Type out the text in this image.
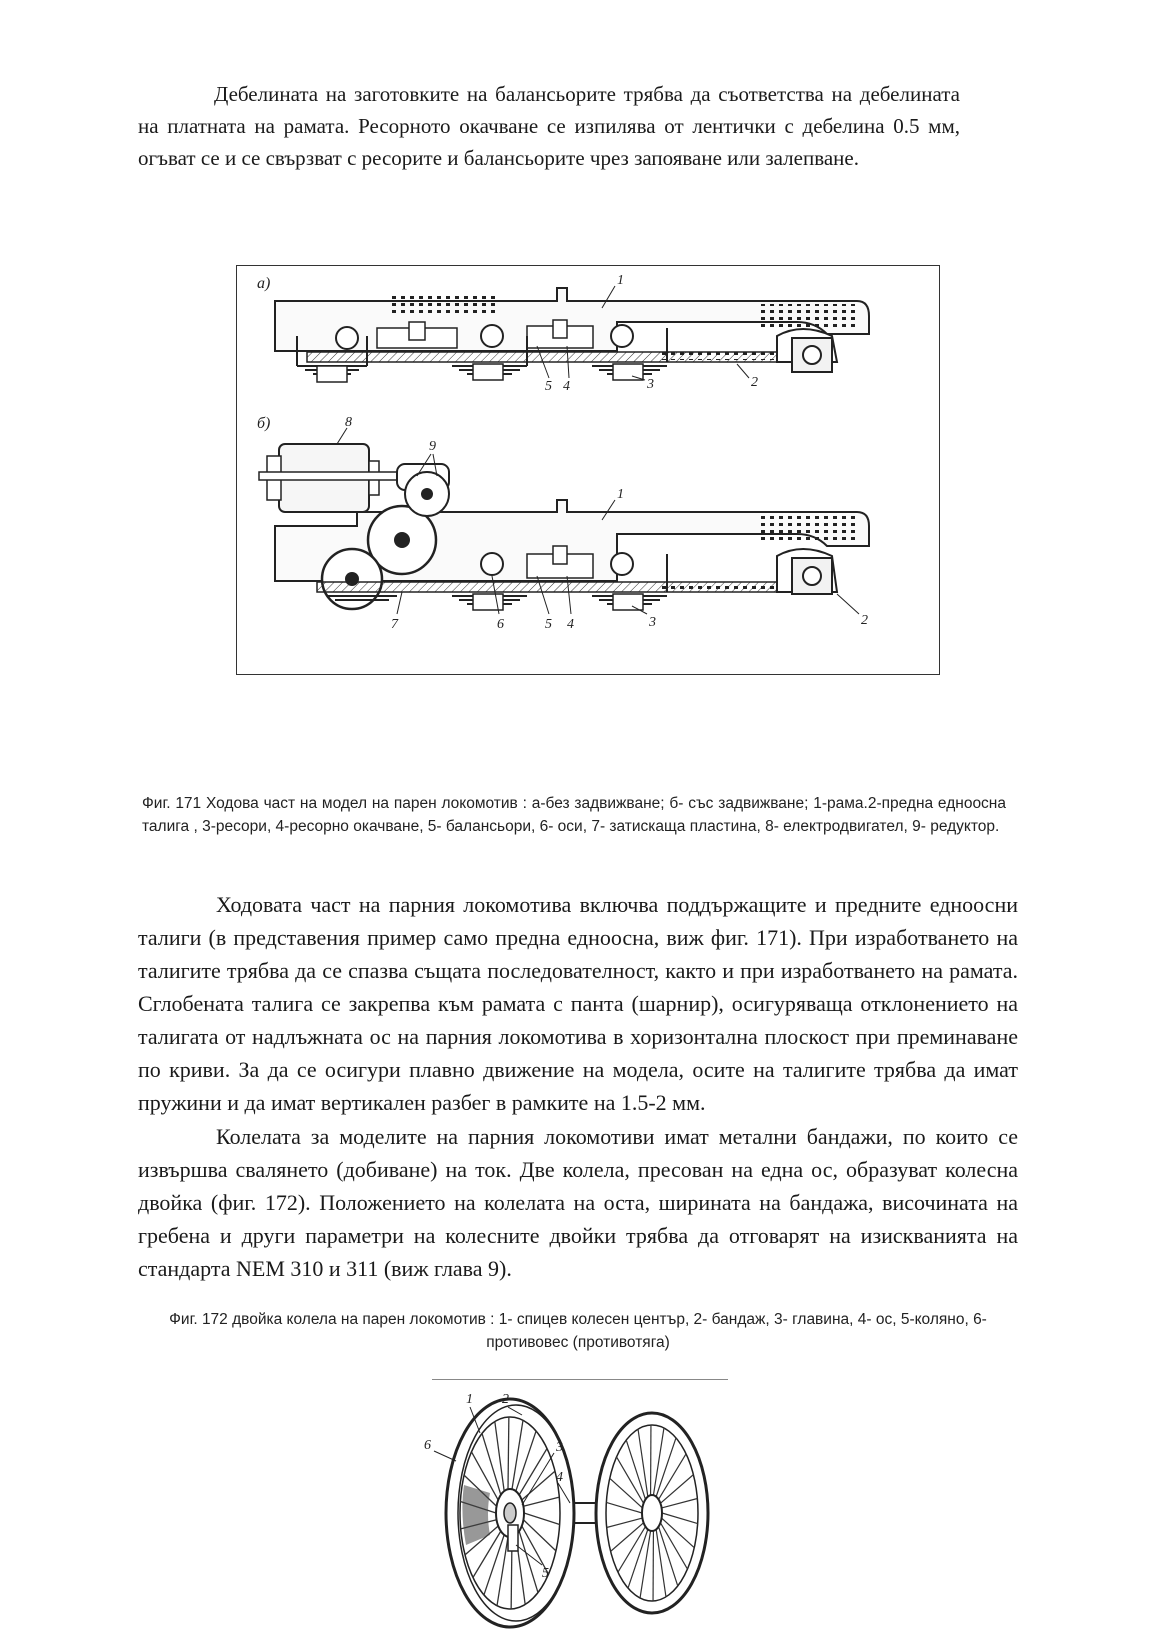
Дебелината на заготовките на балансьорите трябва да съответства на дебелината на платната на рамата. Ресорното окачване се изпилява от лентички с дебелина 0.5 мм, огъват се и се свързват с ресорите и балансьорите чрез запояване или залепване.

а)	1
2
3
4
5
б)	8
9
1
2
3
4
5
6
7

Фиг. 171 Ходова част на модел на парен локомотив : а-без задвижване; б- със задвижване; 1-рама.2-предна едноосна талига , 3-ресори, 4-ресорно окачване, 5- балансьори, 6- оси, 7- затискаща пластина, 8- електродвигател, 9- редуктор.

Ходовата част на парния локомотива включва поддържащите и предните едноосни талиги (в представения пример само предна едноосна, виж фиг. 171). При изработването на талигите трябва да се спазва същата последователност, както и при изработването на рамата. Сглобената талига се закрепва към рамата с панта (шарнир), осигуряваща отклонението на талигата от надлъжната ос на парния локомотива в хоризонтална плоскост при преминаване по криви. За да се осигури плавно движение на модела, осите на талигите трябва да имат пружини и да имат вертикален разбег в рамките на 1.5-2 мм.

Колелата за моделите на парния локомотиви имат метални бандажи, по които се извършва свалянето (добиване) на ток. Две колела, пресован на една ос, образуват колесна двойка (фиг. 172). Положението на колелата на оста, ширината на бандажа, височината на гребена и други параметри на колесните двойки трябва да отговарят на изискванията на стандарта NEM 310 и 311 (виж глава 9).

Фиг. 172 двойка колела на парен локомотив : 1- спицев колесен център, 2- бандаж, 3- главина, 4- ос, 5-коляно, 6- противовес (противотяга)

1 2
3
4
5
6
